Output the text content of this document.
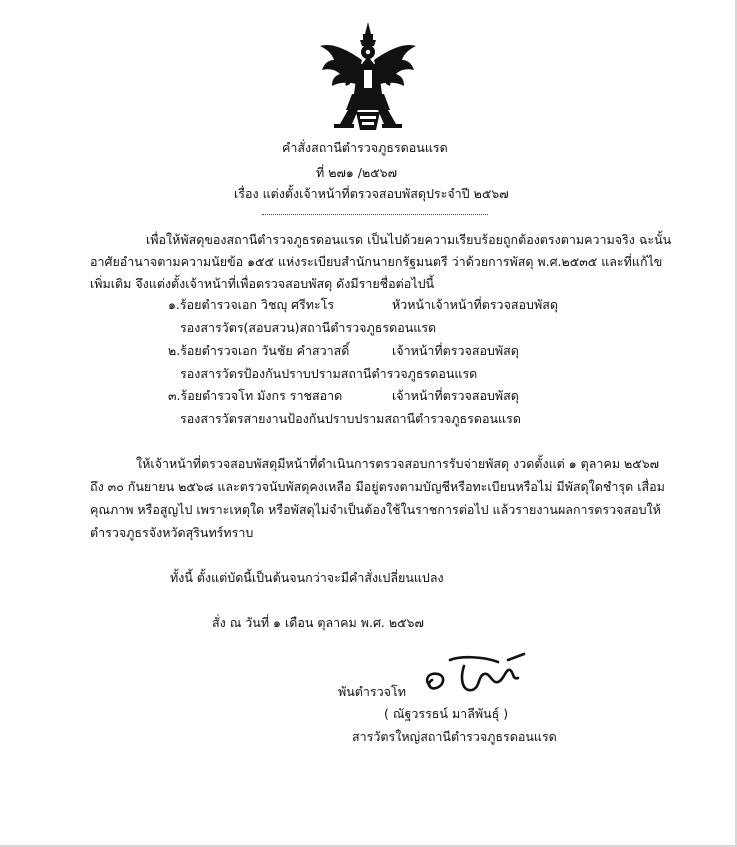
คำสั่งสถานีตำรวจภูธรดอนแรด
ที่ ๒๗๑ /๒๕๖๗
เรื่อง แต่งตั้งเจ้าหน้าที่ตรวจสอบพัสดุประจำปี ๒๕๖๗
เพื่อให้พัสดุของสถานีตำรวจภูธรดอนแรด เป็นไปด้วยความเรียบร้อยถูกต้องตรงตามความจริง ฉะนั้น
อาศัยอำนาจตามความนัยข้อ ๑๕๕ แห่งระเบียบสำนักนายกรัฐมนตรี ว่าด้วยการพัสดุ พ.ศ.๒๕๓๕ และที่แก้ไข
เพิ่มเติม จึงแต่งตั้งเจ้าหน้าที่เพื่อตรวจสอบพัสดุ ดังมีรายชื่อต่อไปนี้
๑.ร้อยตำรวจเอก วิชญุ ศรีทะโร	หัวหน้าเจ้าหน้าที่ตรวจสอบพัสดุ
รองสารวัตร(สอบสวน)สถานีตำรวจภูธรดอนแรด
๒.ร้อยตำรวจเอก วันชัย คำสวาสดิ์	เจ้าหน้าที่ตรวจสอบพัสดุ
รองสารวัตรป้องกันปราบปรามสถานีตำรวจภูธรดอนแรด
๓.ร้อยตำรวจโท มังกร ราชสอาด	เจ้าหน้าที่ตรวจสอบพัสดุ
รองสารวัตรสายงานป้องกันปราบปรามสถานีตำรวจภูธรดอนแรด
ให้เจ้าหน้าที่ตรวจสอบพัสดุมีหน้าที่ดำเนินการตรวจสอบการรับจ่ายพัสดุ งวดตั้งแต่ ๑ ตุลาคม ๒๕๖๗
ถึง ๓๐ กันยายน ๒๕๖๘ และตรวจนับพัสดุคงเหลือ มีอยู่ตรงตามบัญชีหรือทะเบียนหรือไม่ มีพัสดุใดชำรุด เสื่อม
คุณภาพ หรือสูญไป เพราะเหตุใด หรือพัสดุไม่จำเป็นต้องใช้ในราชการต่อไป แล้วรายงานผลการตรวจสอบให้
ตำรวจภูธรจังหวัดสุรินทร์ทราบ
ทั้งนี้ ตั้งแต่บัดนี้เป็นต้นจนกว่าจะมีคำสั่งเปลี่ยนแปลง
สั่ง ณ วันที่ ๑ เดือน ตุลาคม พ.ศ. ๒๕๖๗
พันตำรวจโท
( ณัฐวรรธน์ มาลีพันธุ์ )
สารวัตรใหญ่สถานีตำรวจภูธรดอนแรด
